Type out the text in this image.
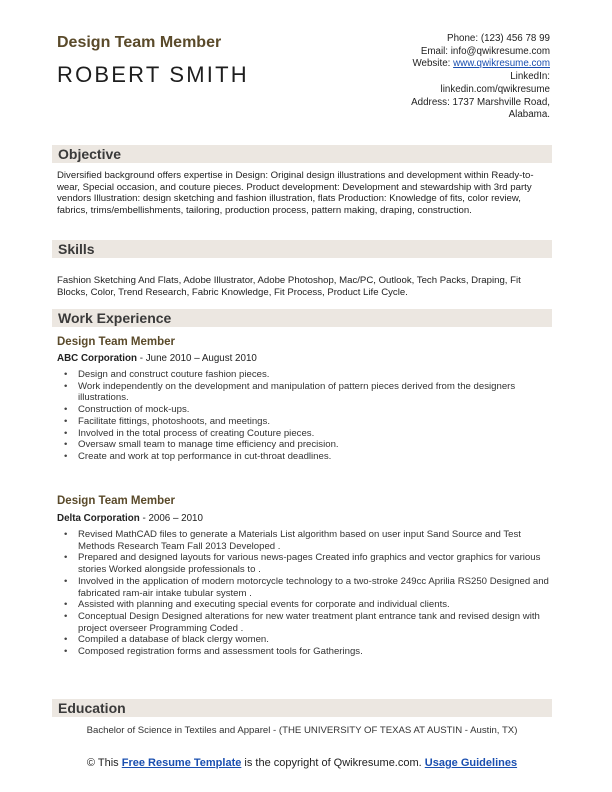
Design Team Member
ROBERT SMITH
Phone: (123) 456 78 99
Email: info@qwikresume.com
Website: www.qwikresume.com
LinkedIn:
linkedin.com/qwikresume
Address: 1737 Marshville Road,
Alabama.
Objective
Diversified background offers expertise in Design: Original design illustrations and development within Ready-to-wear, Special occasion, and couture pieces. Product development: Development and stewardship with 3rd party vendors Illustration: design sketching and fashion illustration, flats Production: Knowledge of fits, color review, fabrics, trims/embellishments, tailoring, production process, pattern making, draping, construction.
Skills
Fashion Sketching And Flats, Adobe Illustrator, Adobe Photoshop, Mac/PC, Outlook, Tech Packs, Draping, Fit Blocks, Color, Trend Research, Fabric Knowledge, Fit Process, Product Life Cycle.
Work Experience
Design Team Member
ABC Corporation - June 2010 – August 2010
• Design and construct couture fashion pieces.
• Work independently on the development and manipulation of pattern pieces derived from the designers illustrations.
• Construction of mock-ups.
• Facilitate fittings, photoshoots, and meetings.
• Involved in the total process of creating Couture pieces.
• Oversaw small team to manage time efficiency and precision.
• Create and work at top performance in cut-throat deadlines.
Design Team Member
Delta Corporation - 2006 – 2010
• Revised MathCAD files to generate a Materials List algorithm based on user input Sand Source and Test Methods Research Team Fall 2013 Developed .
• Prepared and designed layouts for various news-pages Created info graphics and vector graphics for various stories Worked alongside professionals to .
• Involved in the application of modern motorcycle technology to a two-stroke 249cc Aprilia RS250 Designed and fabricated ram-air intake tubular system .
• Assisted with planning and executing special events for corporate and individual clients.
• Conceptual Design Designed alterations for new water treatment plant entrance tank and revised design with project overseer Programming Coded .
• Compiled a database of black clergy women.
• Composed registration forms and assessment tools for Gatherings.
Education
Bachelor of Science in Textiles and Apparel - (THE UNIVERSITY OF TEXAS AT AUSTIN - Austin, TX)
© This Free Resume Template is the copyright of Qwikresume.com. Usage Guidelines
